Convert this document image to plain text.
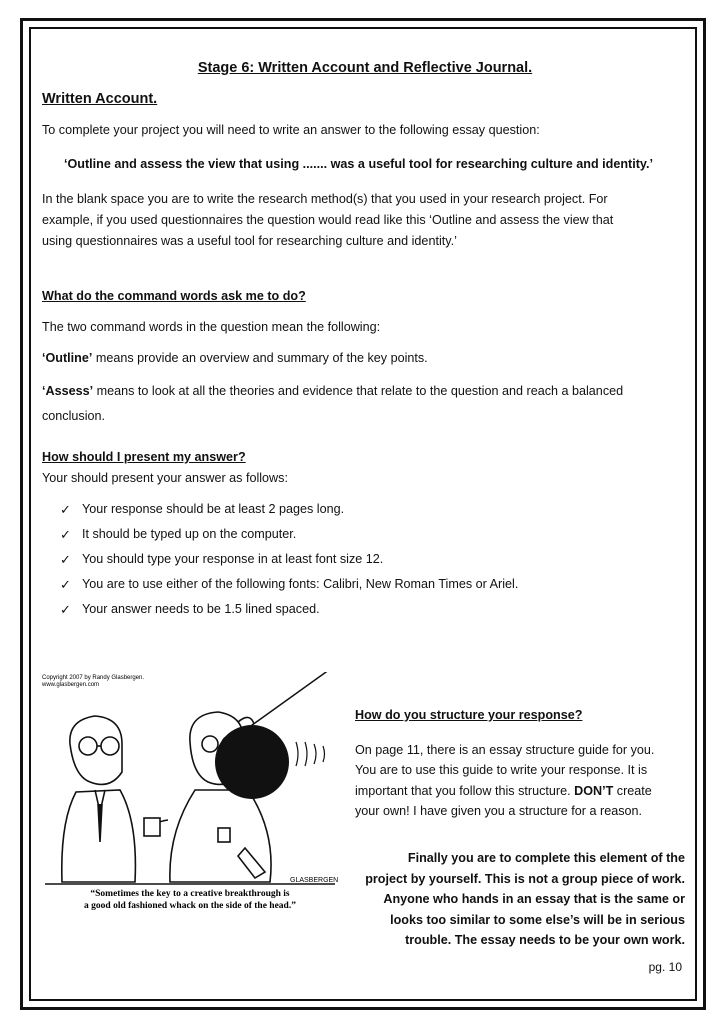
Stage 6: Written Account and Reflective Journal.
Written Account.

To complete your project you will need to write an answer to the following essay question:

‘Outline and assess the view that using ....... was a useful tool for researching culture and identity.’

In the blank space you are to write the research method(s) that you used in your research project. For
example, if you used questionnaires the question would read like this ‘Outline and assess the view that
using questionnaires was a useful tool for researching culture and identity.’

What do the command words ask me to do?

The two command words in the question mean the following:

‘Outline’ means provide an overview and summary of the key points.

‘Assess’ means to look at all the theories and evidence that relate to the question and reach a balanced
conclusion.

How should I present my answer?

Your should present your answer as follows:

✓ Your response should be at least 2 pages long.
✓ It should be typed up on the computer.
✓ You should type your response in at least font size 12.
✓ You are to use either of the following fonts: Calibri, New Roman Times or Ariel.
✓ Your answer needs to be 1.5 lined spaced.
Copyright 2007 by Randy Glasbergen.
www.glasbergen.com
GLASBERGEN
“Sometimes the key to a creative breakthrough is
a good old fashioned whack on the side of the head.”
How do you structure your response?
On page 11, there is an essay structure guide for you.
You are to use this guide to write your response. It is
important that you follow this structure. DON’T create
your own! I have given you a structure for a reason.
Finally you are to complete this element of the
project by yourself. This is not a group piece of work.
Anyone who hands in an essay that is the same or
looks too similar to some else’s will be in serious
trouble. The essay needs to be your own work.
pg. 10
